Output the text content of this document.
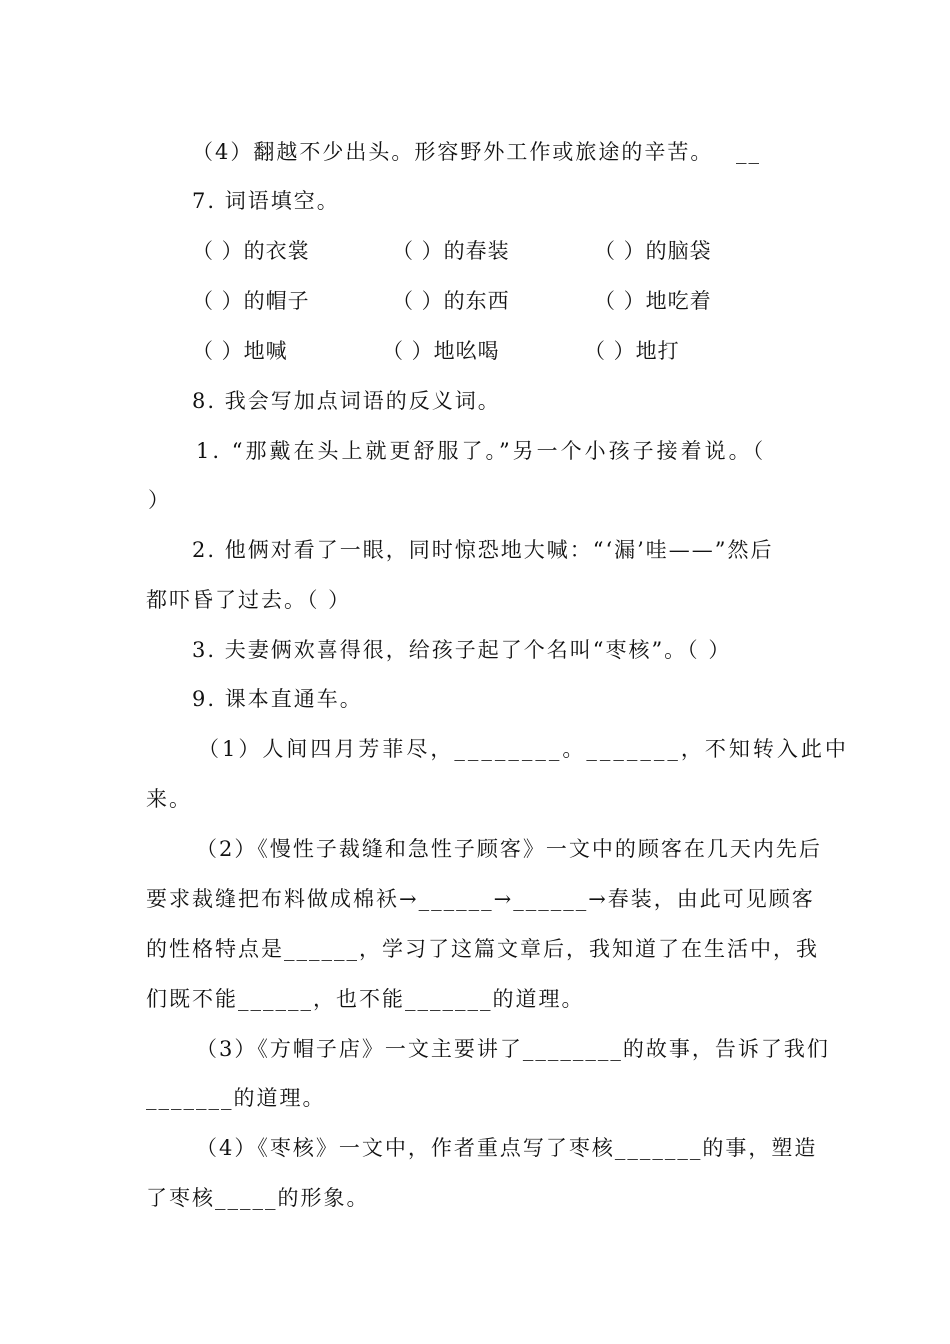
（4）翻越不少出头。形容野外工作或旅途的辛苦。 __
7. 词语填空。
（ ）的衣裳	（ ）的春装	（ ）的脑袋
（ ）的帽子	（ ）的东西	（ ）地吃着
（ ）地喊	（ ）地吆喝	（ ）地打
8. 我会写加点词语的反义词。
1. “那戴在头上就更舒服了。”另一个小孩子接着说。（
）
2. 他俩对看了一眼，同时惊恐地大喊：“‘漏’哇——”然后
都吓昏了过去。（ ）
3. 夫妻俩欢喜得很，给孩子起了个名叫“枣核”。（ ）
9. 课本直通车。
（1）人间四月芳菲尽，________。_______，不知转入此中
来。
（2）《慢性子裁缝和急性子顾客》一文中的顾客在几天内先后
要求裁缝把布料做成棉袄→______→______→春装，由此可见顾客
的性格特点是______，学习了这篇文章后，我知道了在生活中，我
们既不能______，也不能_______的道理。
（3）《方帽子店》一文主要讲了________的故事，告诉了我们
_______的道理。
（4）《枣核》一文中，作者重点写了枣核_______的事，塑造
了枣核_____的形象。
